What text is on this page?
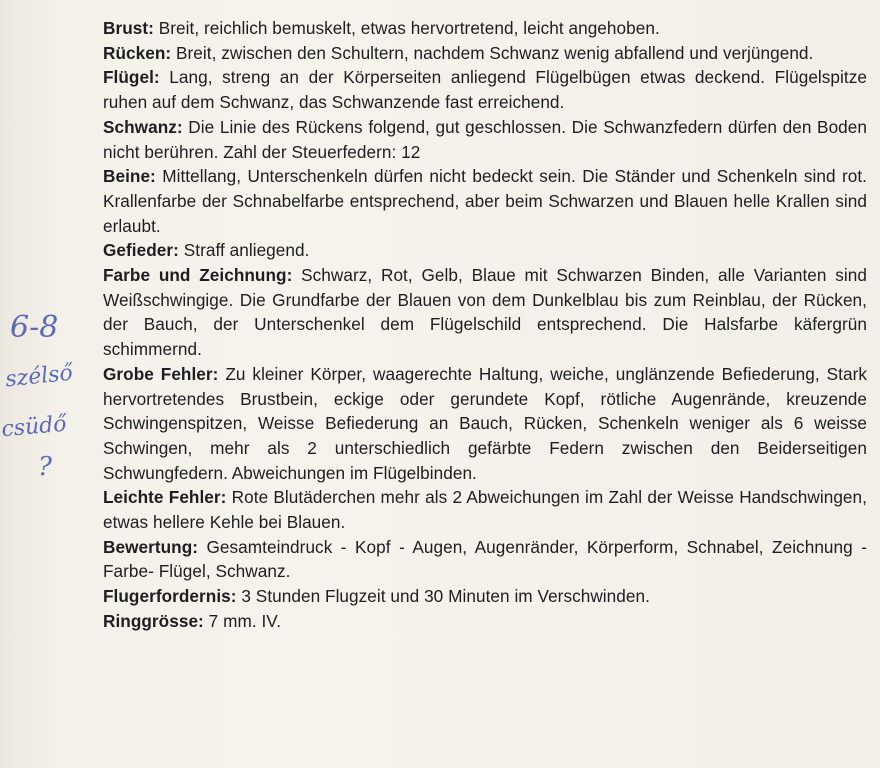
6-8
szélső
csüdő
?

Brust: Breit, reichlich bemuskelt, etwas hervortretend, leicht angehoben.

Rücken: Breit, zwischen den Schultern, nachdem Schwanz wenig abfallend und verjüngend.

Flügel: Lang, streng an der Körperseiten anliegend Flügelbügen etwas deckend. Flügelspitze ruhen auf dem Schwanz, das Schwanzende fast erreichend.

Schwanz: Die Linie des Rückens folgend, gut geschlossen. Die Schwanzfedern dürfen den Boden nicht berühren. Zahl der Steuerfedern: 12

Beine: Mittellang, Unterschenkeln dürfen nicht bedeckt sein. Die Ständer und Schenkeln sind rot. Krallenfarbe der Schnabelfarbe entsprechend, aber beim Schwarzen und Blauen helle Krallen sind erlaubt.

Gefieder: Straff anliegend.

Farbe und Zeichnung: Schwarz, Rot, Gelb, Blaue mit Schwarzen Binden, alle Varianten sind Weißschwingige. Die Grundfarbe der Blauen von dem Dunkelblau bis zum Reinblau, der Rücken, der Bauch, der Unterschenkel dem Flügelschild entsprechend. Die Halsfarbe käfergrün schimmernd.

Grobe Fehler: Zu kleiner Körper, waagerechte Haltung, weiche, unglänzende Befiederung, Stark hervortretendes Brustbein, eckige oder gerundete Kopf, rötliche Augenrände, kreuzende Schwingenspitzen, Weisse Befiederung an Bauch, Rücken, Schenkeln weniger als 6 weisse Schwingen, mehr als 2 unterschiedlich gefärbte Federn zwischen den Beiderseitigen Schwungfedern. Abweichungen im Flügelbinden.

Leichte Fehler: Rote Blutäderchen mehr als 2 Abweichungen im Zahl der Weisse Handschwingen, etwas hellere Kehle bei Blauen.

Bewertung: Gesamteindruck - Kopf - Augen, Augenränder, Körperform, Schnabel, Zeichnung - Farbe- Flügel, Schwanz.

Flugerfordernis: 3 Stunden Flugzeit und 30 Minuten im Verschwinden.

Ringgrösse: 7 mm. IV.
